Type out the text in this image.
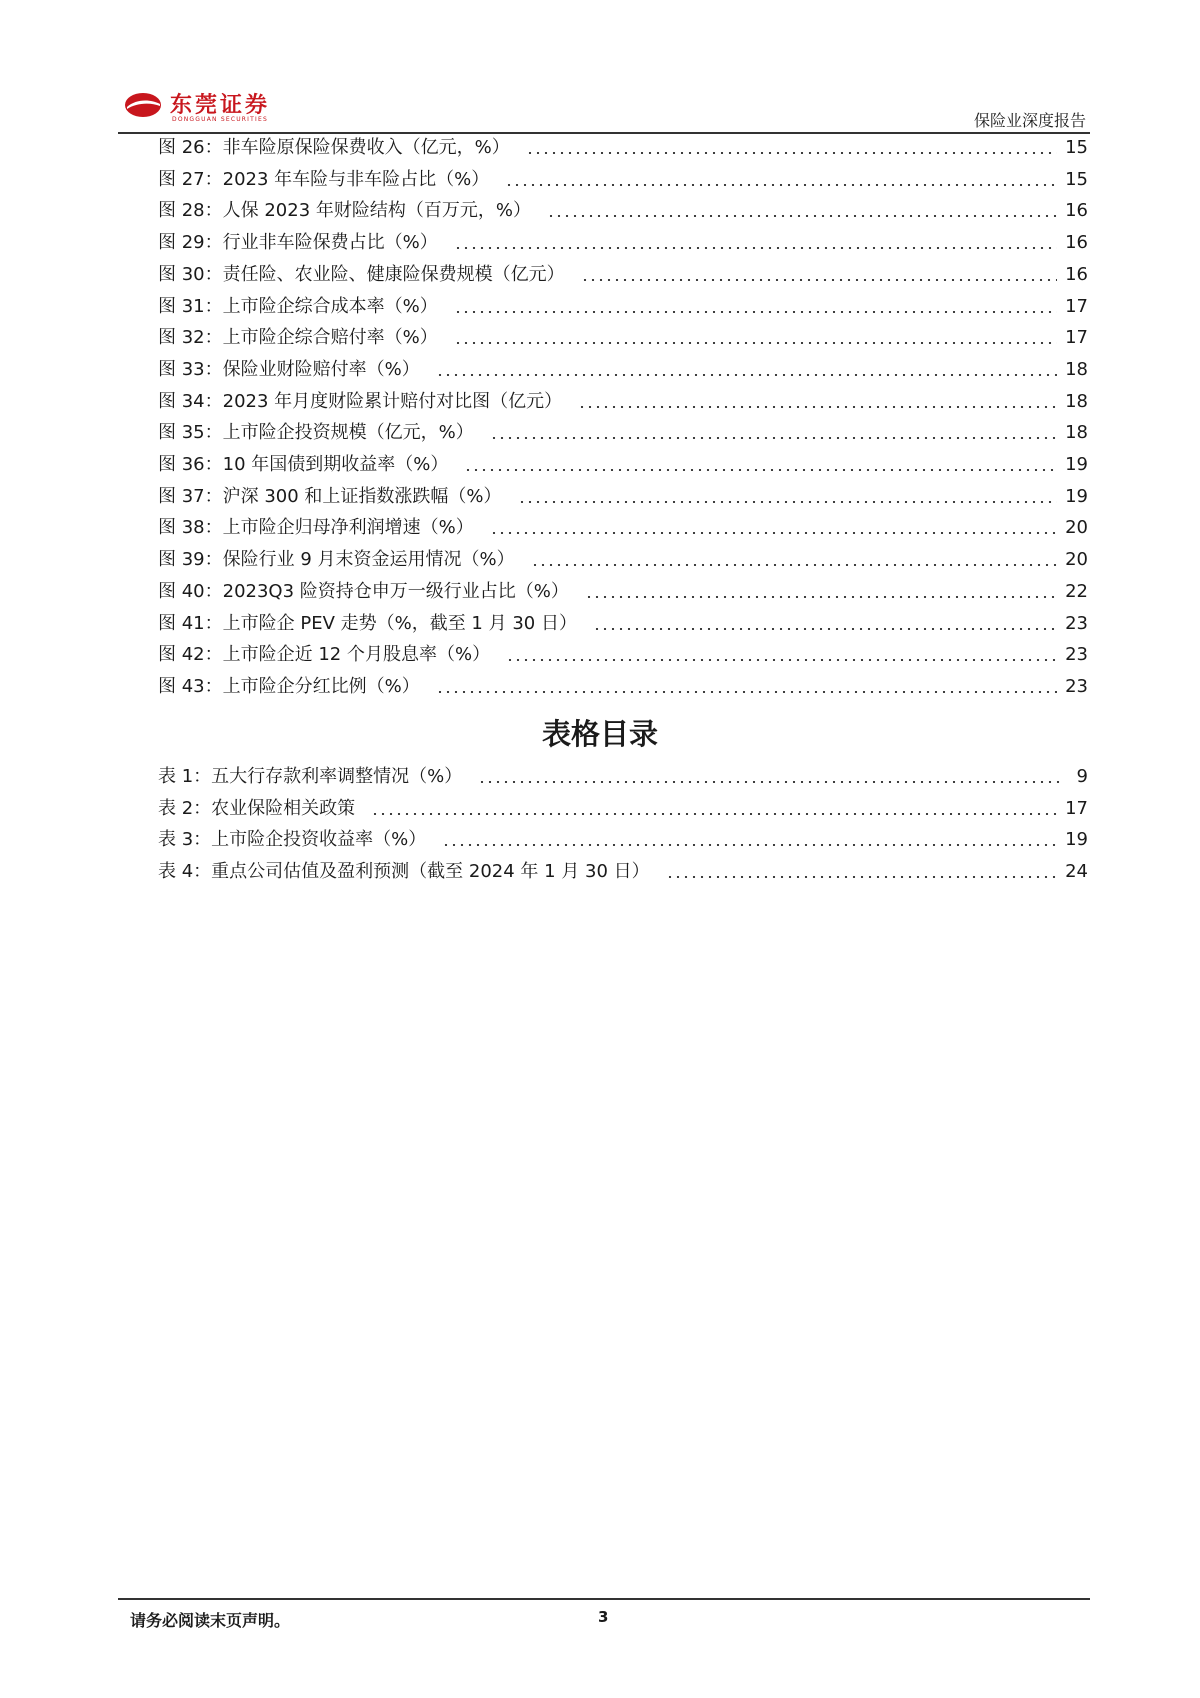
东莞证券
DONGGUAN SECURITIES	保险业深度报告
图 26：非车险原保险保费收入（亿元，%）	15
图 27：2023 年车险与非车险占比（%）	15
图 28：人保 2023 年财险结构（百万元，%）	16
图 29：行业非车险保费占比（%）	16
图 30：责任险、农业险、健康险保费规模（亿元）	16
图 31：上市险企综合成本率（%）	17
图 32：上市险企综合赔付率（%）	17
图 33：保险业财险赔付率（%）	18
图 34：2023 年月度财险累计赔付对比图（亿元）	18
图 35：上市险企投资规模（亿元，%）	18
图 36：10 年国债到期收益率（%）	19
图 37：沪深 300 和上证指数涨跌幅（%）	19
图 38：上市险企归母净利润增速（%）	20
图 39：保险行业 9 月末资金运用情况（%）	20
图 40：2023Q3 险资持仓申万一级行业占比（%）	22
图 41：上市险企 PEV 走势（%，截至 1 月 30 日）	23
图 42：上市险企近 12 个月股息率（%）	23
图 43：上市险企分红比例（%）	23
表格目录
表 1：五大行存款利率调整情况（%）	9
表 2：农业保险相关政策	17
表 3：上市险企投资收益率（%）	19
表 4：重点公司估值及盈利预测（截至 2024 年 1 月 30 日）	24
请务必阅读末页声明。	3
